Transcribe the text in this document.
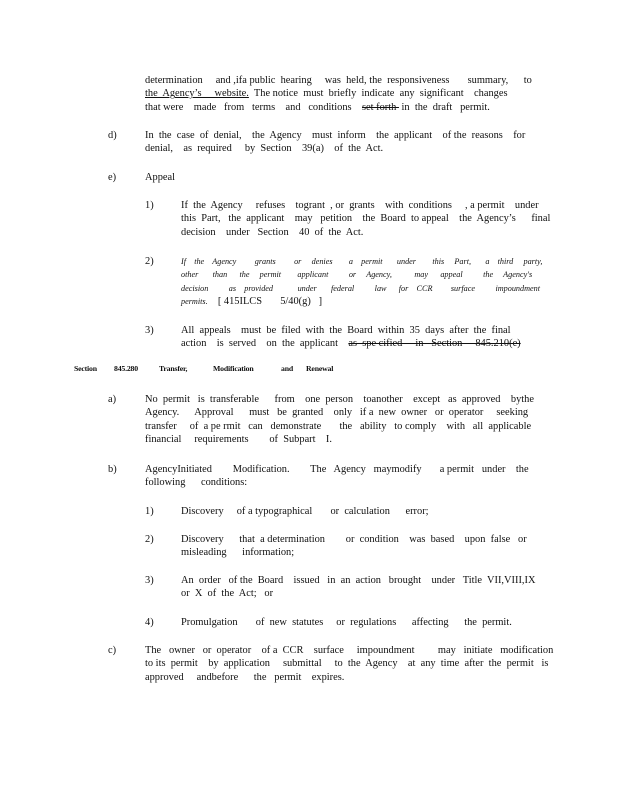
determination     and ,ifa public  hearing     was  held, the  responsiveness       summary,      to
the  Agency’s     website.  The notice  must  briefly  indicate  any  significant    changes
that were    made   from   terms    and   conditions    set forth  in  the  draft   permit.
d)	In  the  case  of  denial,    the  Agency    must  inform    the  applicant    of the  reasons    for
denial,    as  required     by  Section    39(a)    of  the  Act.
e)	Appeal
1)	If  the  Agency     refuses    togrant  , or  grants    with  conditions     , a permit    under
this  Part,   the  applicant    may   petition    the  Board  to appeal    the  Agency’s      final
decision    under   Section    40  of  the  Act.
2)	If    the    Agency         grants         or     denies        a    permit       under        this     Part,       a    third     party,
other       than      the     permit        applicant          or     Agency,           may      appeal          the     Agency's
decision          as    provided            under       federal          law      for    CCR         surface          impoundment
permits.     [ 415ILCS       5/40(g)   ]
3)	All  appeals    must  be  filed  with  the  Board  within  35  days  after  the  final
action    is  served    on  the  applicant    as  spe cified     in   Section     845.210(e)
Section 845.280	Transfer,	Modification	and Renewal
a)	No  permit   is  transferable      from    one  person    toanother    except   as  approved    bythe
Agency.      Approval      must   be  granted    only   if a  new  owner   or  operator     seeking
transfer     of  a pe rmit   can   demonstrate       the   ability   to comply    with   all  applicable
financial     requirements        of  Subpart    I.
b)	AgencyInitiated        Modification.        The   Agency   maymodify       a permit   under    the
following      conditions:
1)	Discovery     of a typographical       or  calculation      error;
2)	Discovery      that  a determination        or  condition    was  based    upon  false   or
misleading      information;
3)	An  order   of the  Board    issued   in  an  action   brought    under   Title  VII,VIII,IX
or  X  of  the  Act;   or
4)	Promulgation       of  new  statutes     or  regulations      affecting      the  permit.
c)	The   owner   or  operator    of a  CCR    surface     impoundment         may   initiate   modification
to its  permit    by  application     submittal     to  the  Agency    at  any  time  after  the  permit   is
approved     andbefore      the   permit    expires.
